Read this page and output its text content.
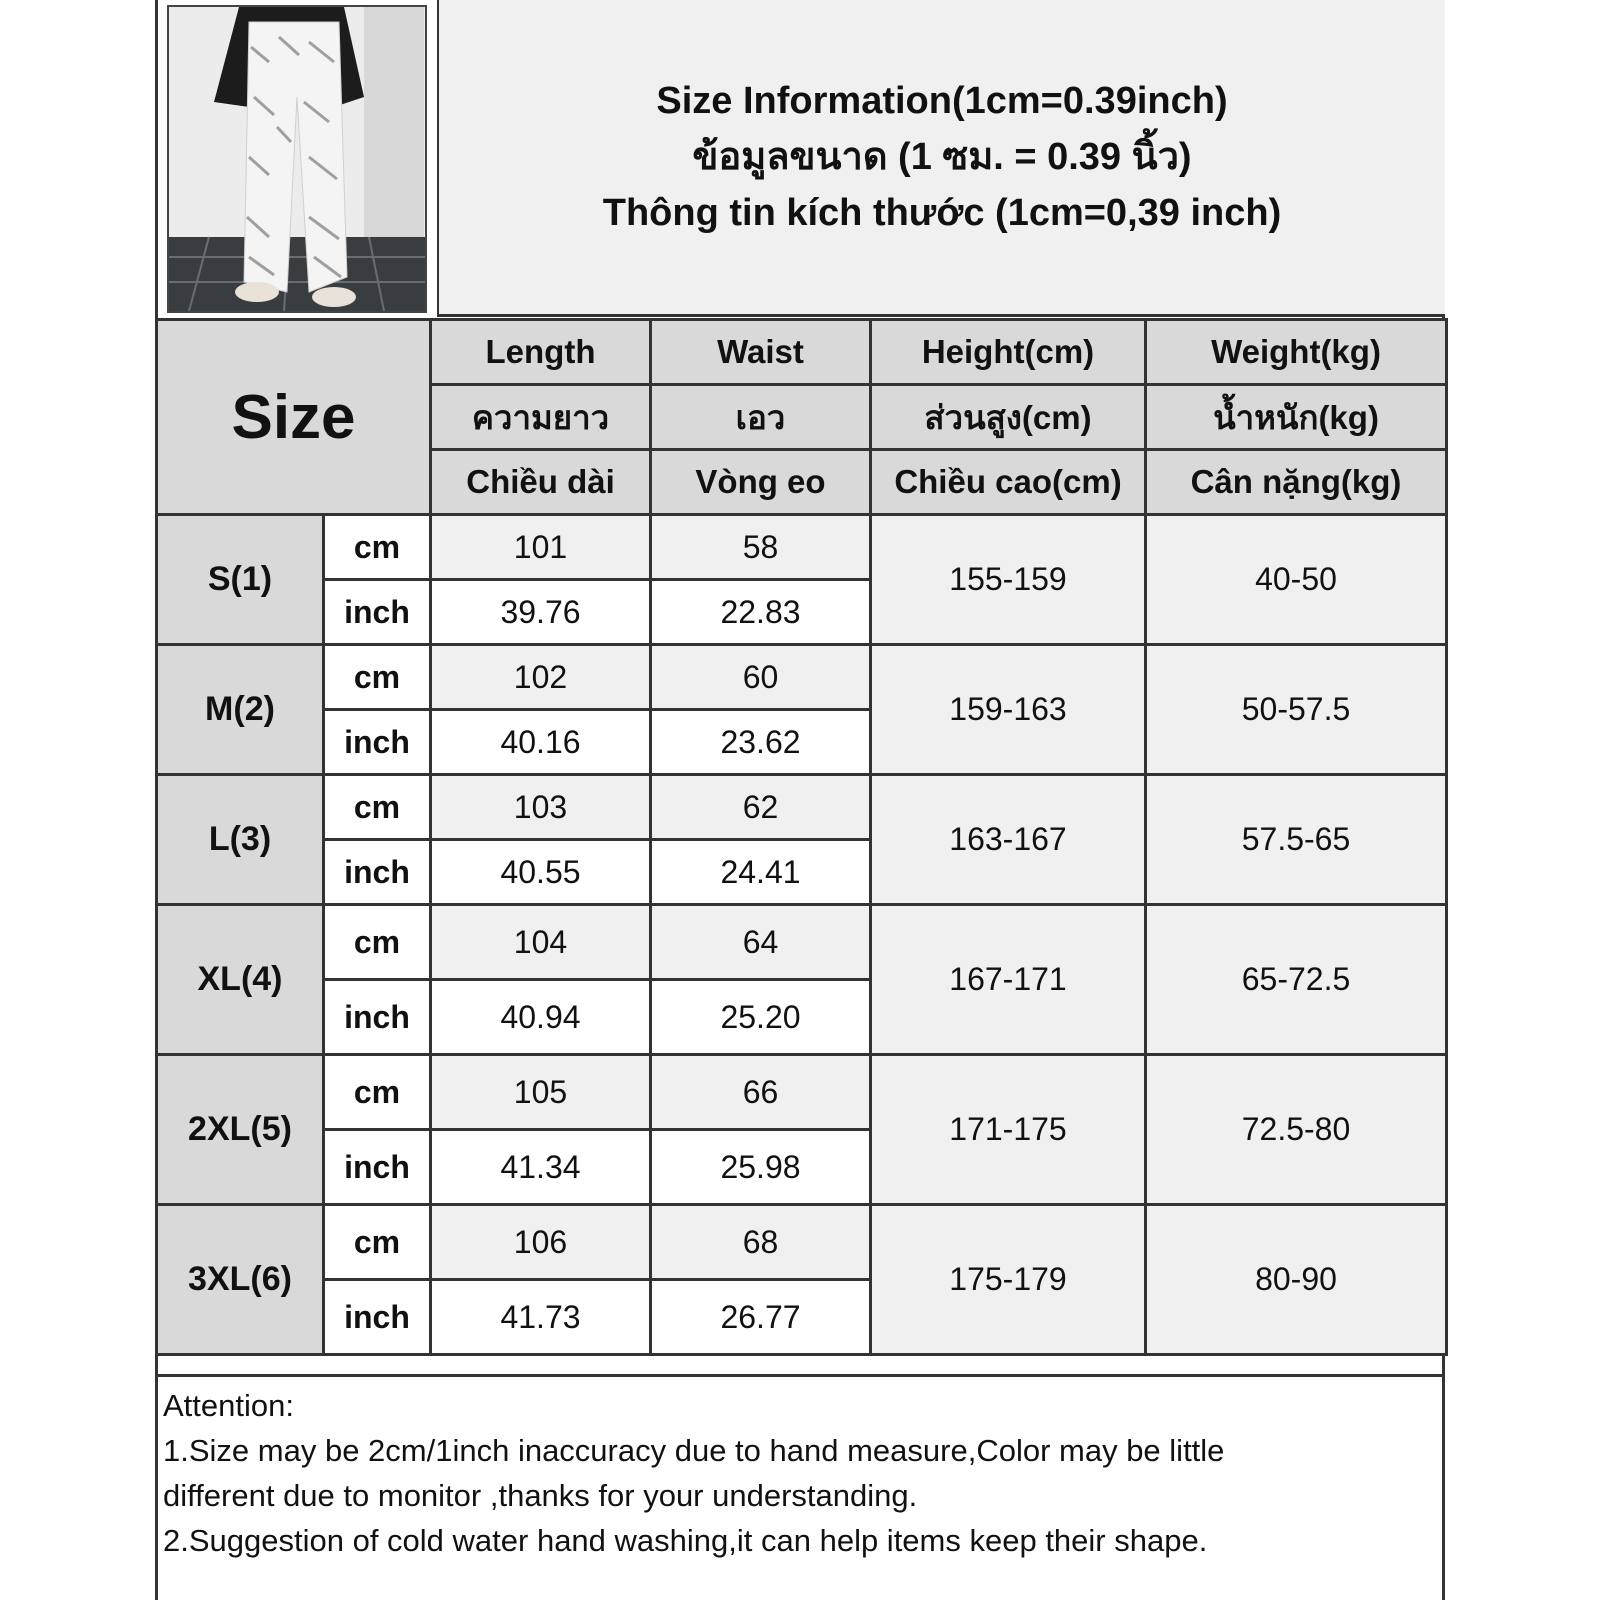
Size Information(1cm=0.39inch)
ข้อมูลขนาด (1 ซม. = 0.39 นิ้ว)
Thông tin kích thước (1cm=0,39 inch)
Size		Length	Waist	Height(cm)	Weight(kg)
		ความยาว	เอว	ส่วนสูง(cm)	น้ำหนัก(kg)
		Chiều dài	Vòng eo	Chiều cao(cm)	Cân nặng(kg)
S(1)	cm	101	58	155-159	40-50
	inch	39.76	22.83		
M(2)	cm	102	60	159-163	50-57.5
	inch	40.16	23.62		
L(3)	cm	103	62	163-167	57.5-65
	inch	40.55	24.41		
XL(4)	cm	104	64	167-171	65-72.5
	inch	40.94	25.20		
2XL(5)	cm	105	66	171-175	72.5-80
	inch	41.34	25.98		
3XL(6)	cm	106	68	175-179	80-90
	inch	41.73	26.77		
Attention:
1.Size may be 2cm/1inch inaccuracy due to hand measure,Color may be little
different due to monitor ,thanks for your understanding.
2.Suggestion of cold water hand washing,it can help items keep their shape.
